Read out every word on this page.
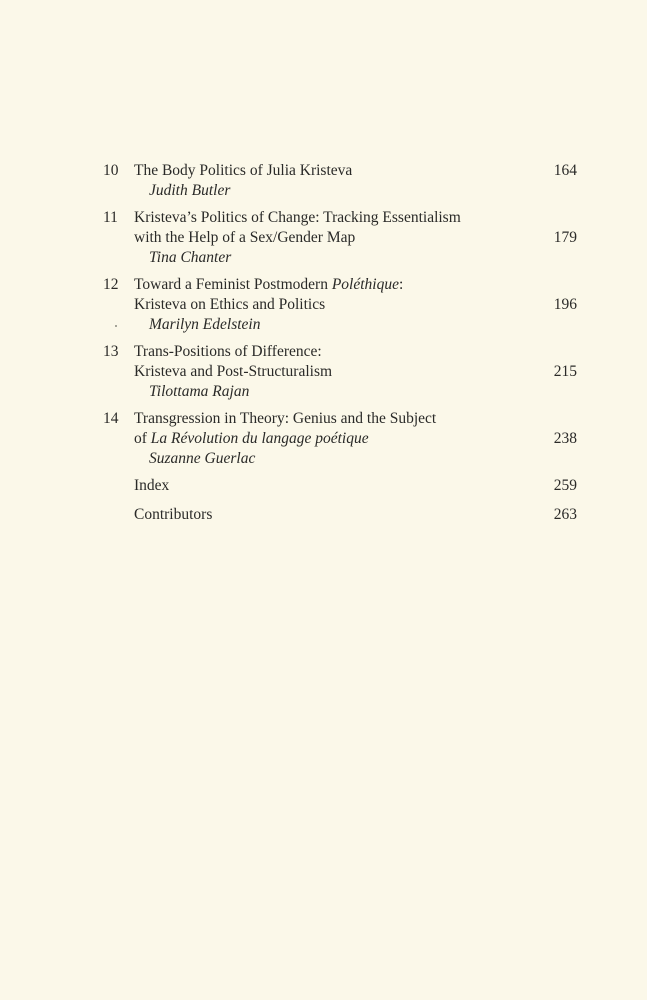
10 The Body Politics of Julia Kristeva
Judith Butler
164
11 Kristeva’s Politics of Change: Tracking Essentialism
with the Help of a Sex/Gender Map
Tina Chanter
179
12 Toward a Feminist Postmodern Poléthique:
Kristeva on Ethics and Politics
Marilyn Edelstein
196
13 Trans-Positions of Difference:
Kristeva and Post-Structuralism
Tilottama Rajan
215
14 Transgression in Theory: Genius and the Subject
of La Révolution du langage poétique
Suzanne Guerlac
238
Index	259
Contributors	263
